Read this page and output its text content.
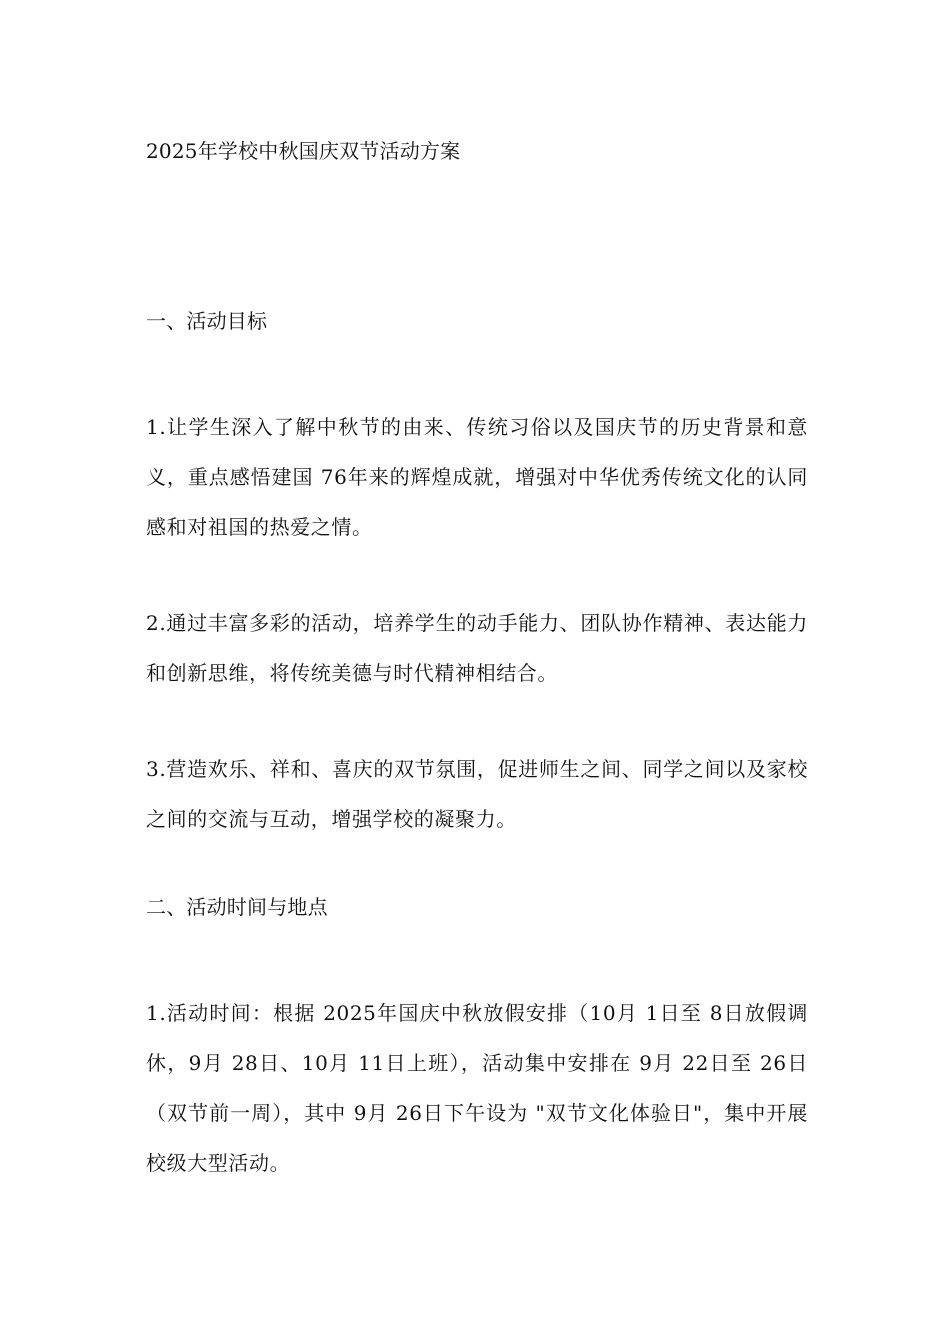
2025年学校中秋国庆双节活动方案

一、活动目标

1.让学生深入了解中秋节的由来、传统习俗以及国庆节的历史背景和意义，重点感悟建国 76年来的辉煌成就，增强对中华优秀传统文化的认同感和对祖国的热爱之情。

2.通过丰富多彩的活动，培养学生的动手能力、团队协作精神、表达能力和创新思维，将传统美德与时代精神相结合。

3.营造欢乐、祥和、喜庆的双节氛围，促进师生之间、同学之间以及家校之间的交流与互动，增强学校的凝聚力。

二、活动时间与地点

1.活动时间：根据 2025年国庆中秋放假安排（10月 1日至 8日放假调休，9月 28日、10月 11日上班），活动集中安排在 9月 22日至 26日（双节前一周），其中 9月 26日下午设为 "双节文化体验日"，集中开展校级大型活动。
